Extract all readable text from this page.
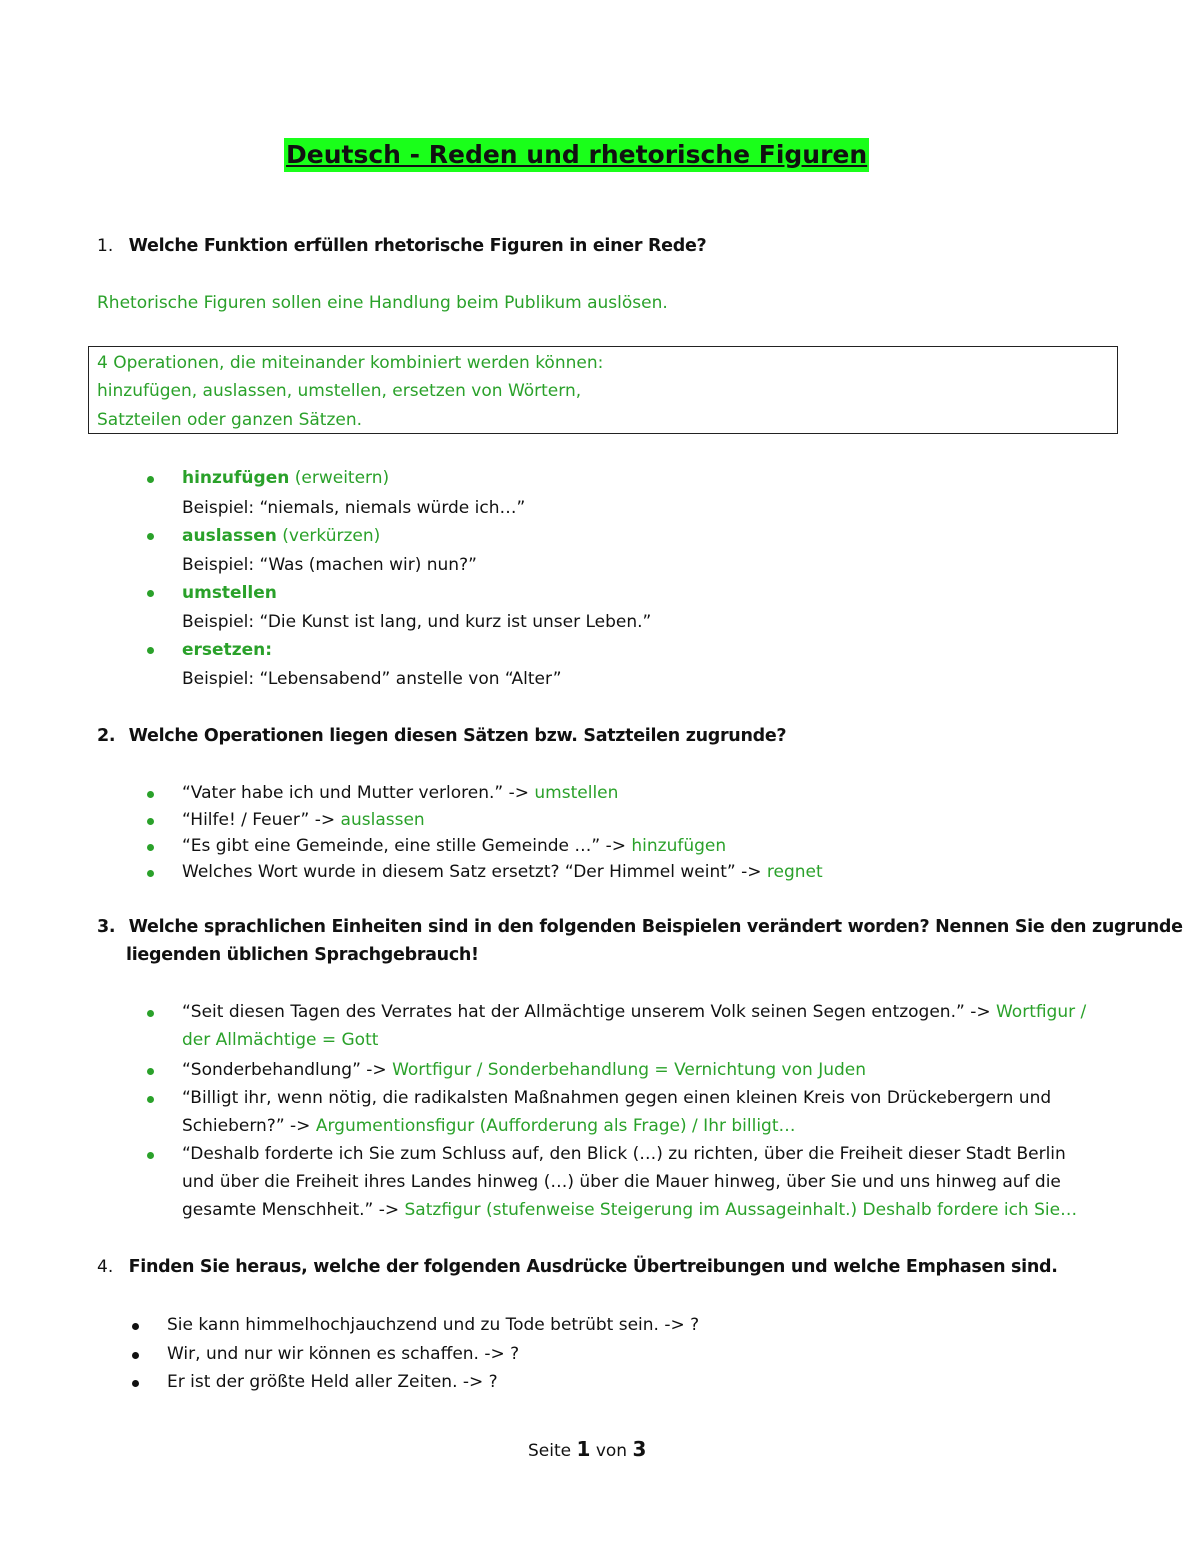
Deutsch - Reden und rhetorische Figuren
1. Welche Funktion erfüllen rhetorische Figuren in einer Rede?
Rhetorische Figuren sollen eine Handlung beim Publikum auslösen.
4 Operationen, die miteinander kombiniert werden können:
hinzufügen, auslassen, umstellen, ersetzen von Wörtern,
Satzteilen oder ganzen Sätzen.
hinzufügen (erweitern)
Beispiel: “niemals, niemals würde ich…”
auslassen (verkürzen)
Beispiel: “Was (machen wir) nun?”
umstellen
Beispiel: “Die Kunst ist lang, und kurz ist unser Leben.”
ersetzen:
Beispiel: “Lebensabend” anstelle von “Alter”
2. Welche Operationen liegen diesen Sätzen bzw. Satzteilen zugrunde?
“Vater habe ich und Mutter verloren.” -> umstellen
“Hilfe! / Feuer” -> auslassen
“Es gibt eine Gemeinde, eine stille Gemeinde …” -> hinzufügen
Welches Wort wurde in diesem Satz ersetzt? “Der Himmel weint” -> regnet
3. Welche sprachlichen Einheiten sind in den folgenden Beispielen verändert worden? Nennen Sie den zugrunde
liegenden üblichen Sprachgebrauch!
“Seit diesen Tagen des Verrates hat der Allmächtige unserem Volk seinen Segen entzogen.” -> Wortfigur /
der Allmächtige = Gott
“Sonderbehandlung” -> Wortfigur / Sonderbehandlung = Vernichtung von Juden
“Billigt ihr, wenn nötig, die radikalsten Maßnahmen gegen einen kleinen Kreis von Drückebergern und
Schiebern?” -> Argumentionsfigur (Aufforderung als Frage) / Ihr billigt…
“Deshalb forderte ich Sie zum Schluss auf, den Blick (…) zu richten, über die Freiheit dieser Stadt Berlin
und über die Freiheit ihres Landes hinweg (…) über die Mauer hinweg, über Sie und uns hinweg auf die
gesamte Menschheit.” -> Satzfigur (stufenweise Steigerung im Aussageinhalt.) Deshalb fordere ich Sie…
4. Finden Sie heraus, welche der folgenden Ausdrücke Übertreibungen und welche Emphasen sind.
Sie kann himmelhochjauchzend und zu Tode betrübt sein. -> ?
Wir, und nur wir können es schaffen. -> ?
Er ist der größte Held aller Zeiten. -> ?
Seite 1 von 3
